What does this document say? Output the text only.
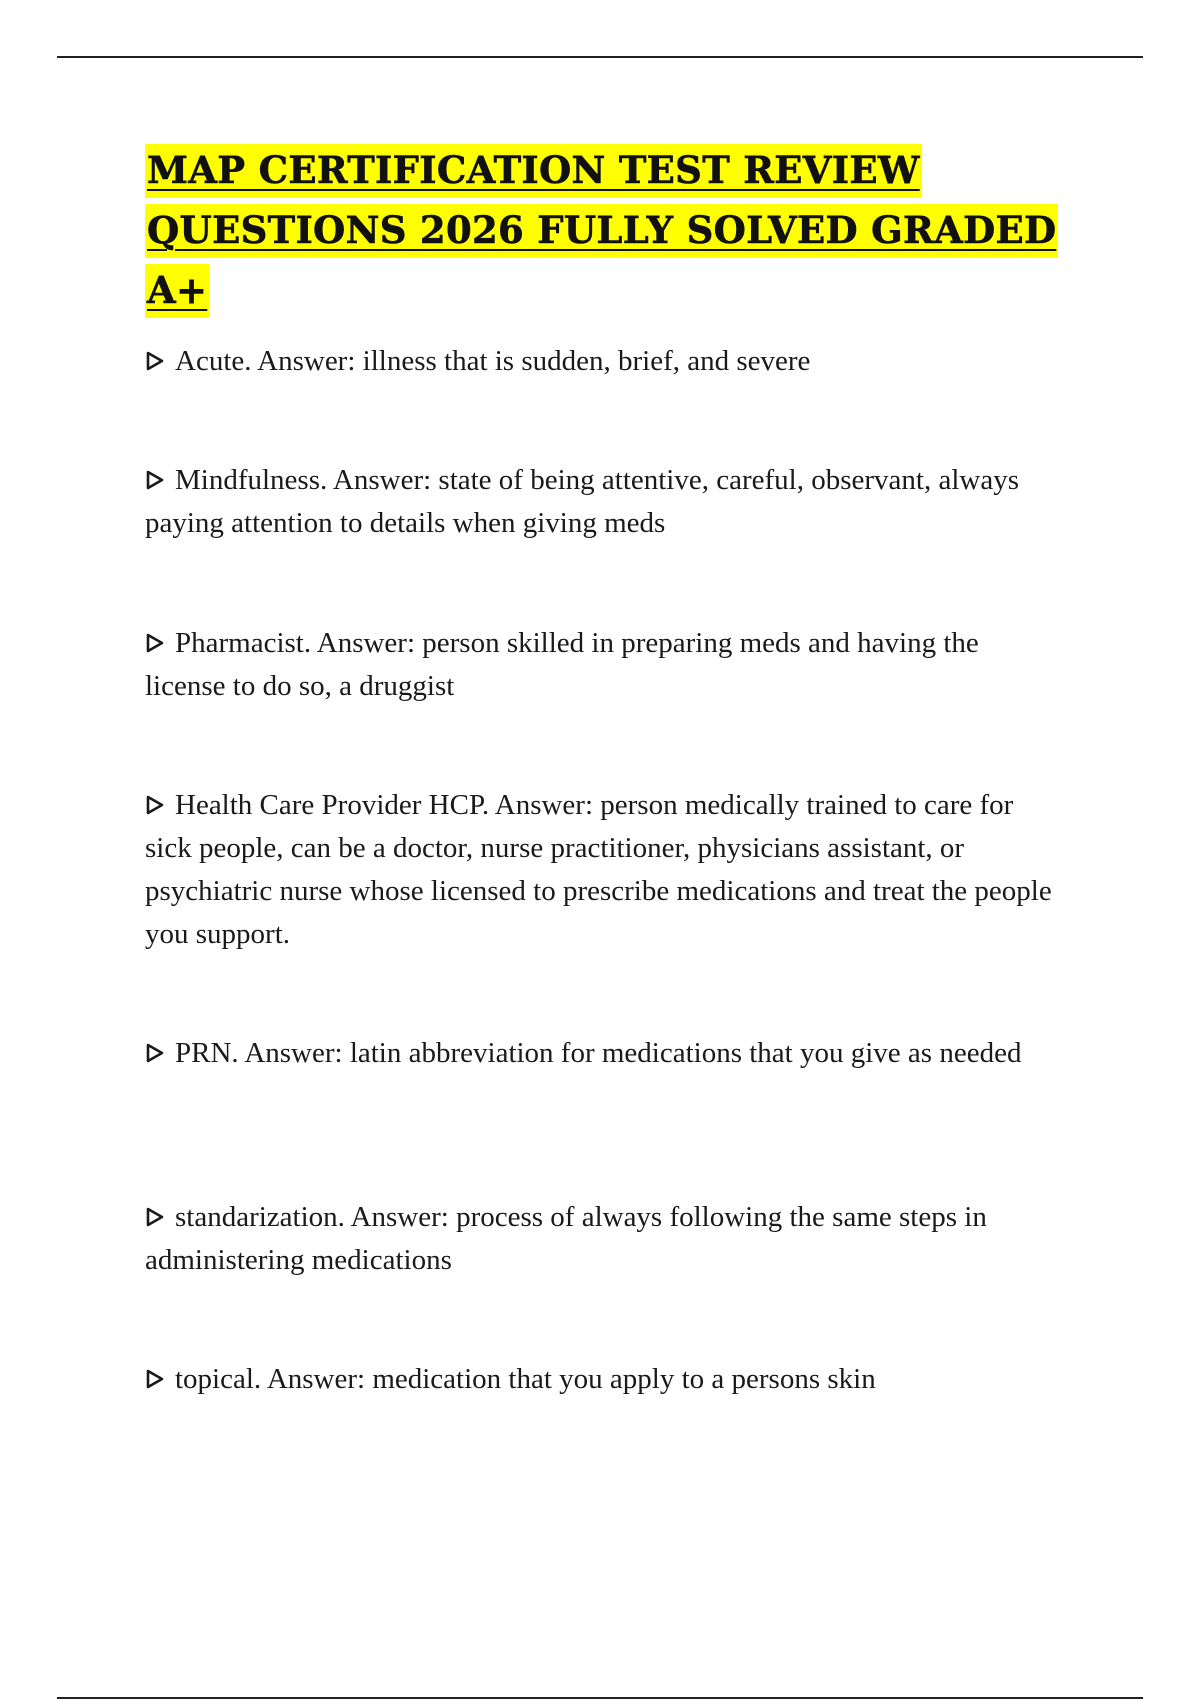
MAP CERTIFICATION TEST REVIEW QUESTIONS 2026 FULLY SOLVED GRADED A+

Acute. Answer: illness that is sudden, brief, and severe

Mindfulness. Answer: state of being attentive, careful, observant, always paying attention to details when giving meds

Pharmacist. Answer: person skilled in preparing meds and having the license to do so, a druggist

Health Care Provider HCP. Answer: person medically trained to care for sick people, can be a doctor, nurse practitioner, physicians assistant, or psychiatric nurse whose licensed to prescribe medications and treat the people you support.

PRN. Answer: latin abbreviation for medications that you give as needed

standarization. Answer: process of always following the same steps in administering medications

topical. Answer: medication that you apply to a persons skin
